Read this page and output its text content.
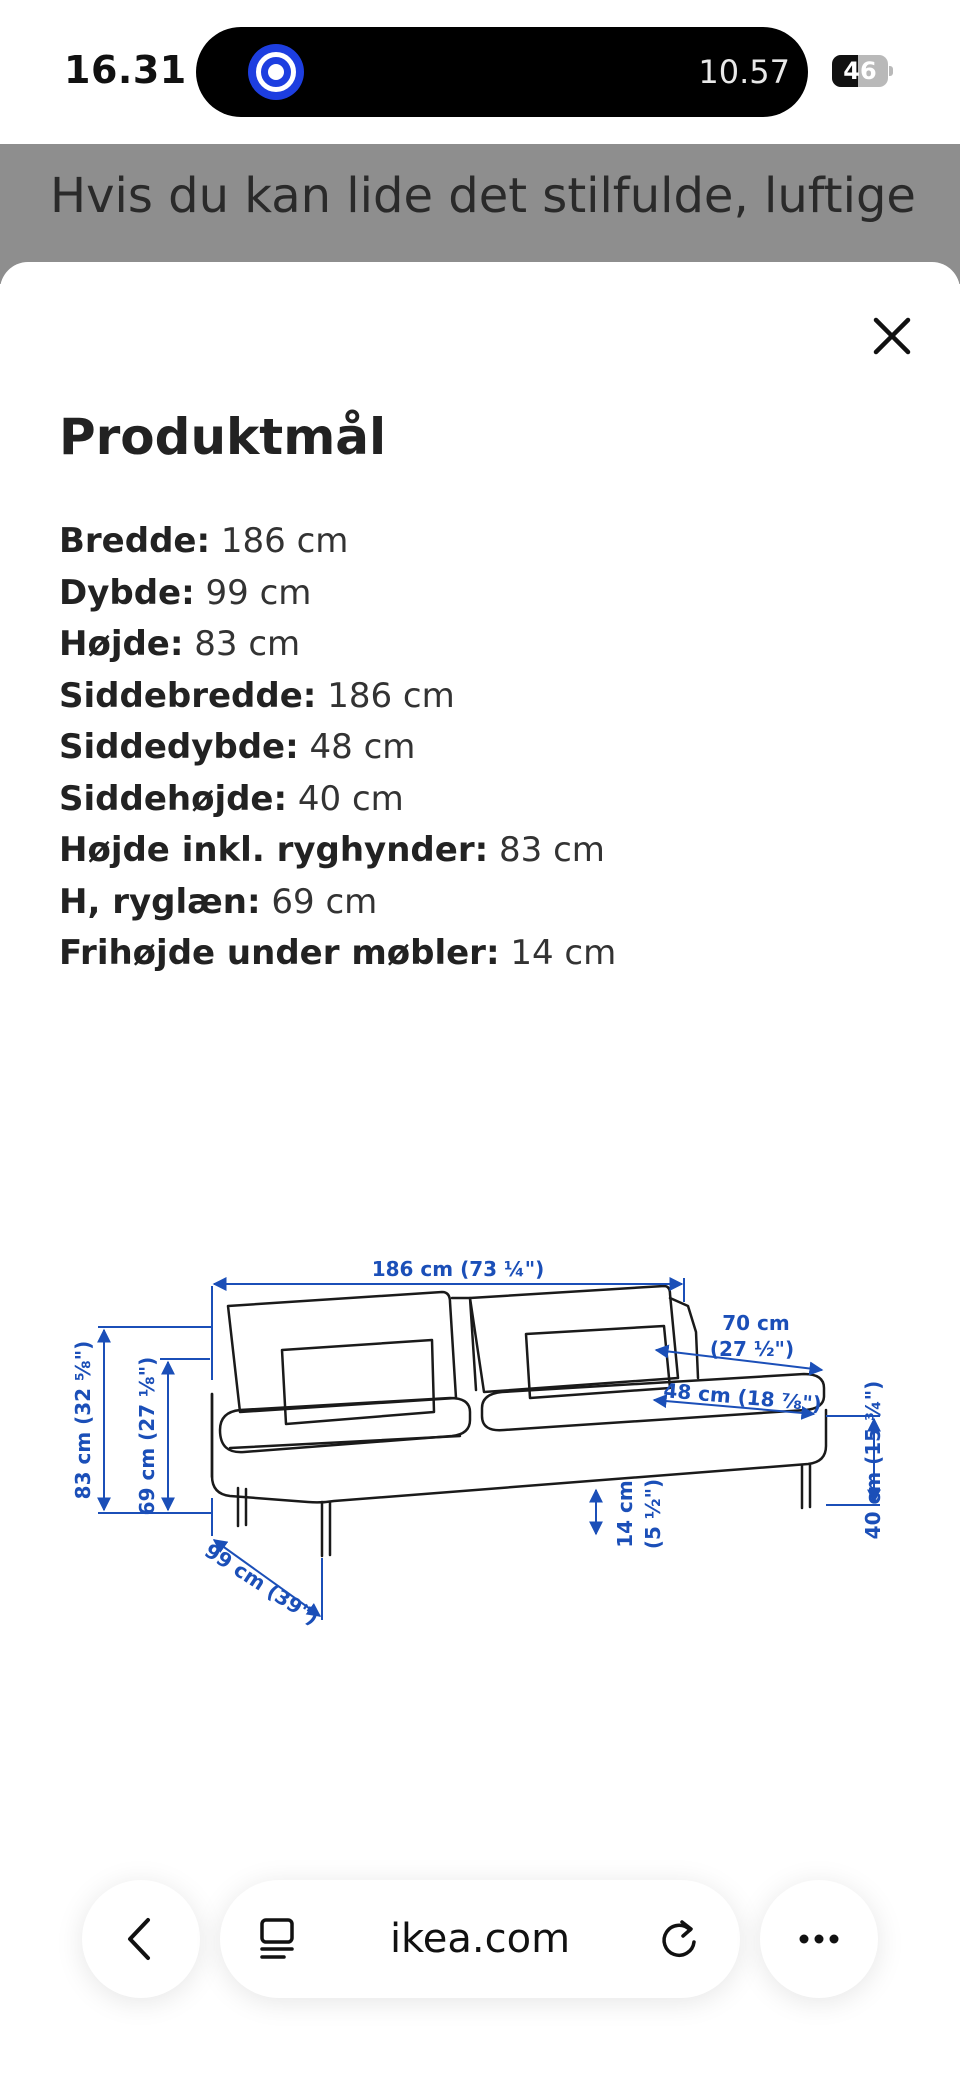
16.31	10.57	46
Hvis du kan lide det stilfulde, luftige
Produktmål
Bredde: 186 cm
Dybde: 99 cm
Højde: 83 cm
Siddebredde: 186 cm
Siddedybde: 48 cm
Siddehøjde: 40 cm
Højde inkl. ryghynder: 83 cm
H, ryglæn: 69 cm
Frihøjde under møbler: 14 cm
186 cm (73 ¼")
70 cm
(27 ½")
48 cm (18 ⅞")
83 cm (32 ⅝") 69 cm (27 ⅛")	40 cm (15 ¾")
14 cm (5 ½")
99 cm (39")
ikea.com
